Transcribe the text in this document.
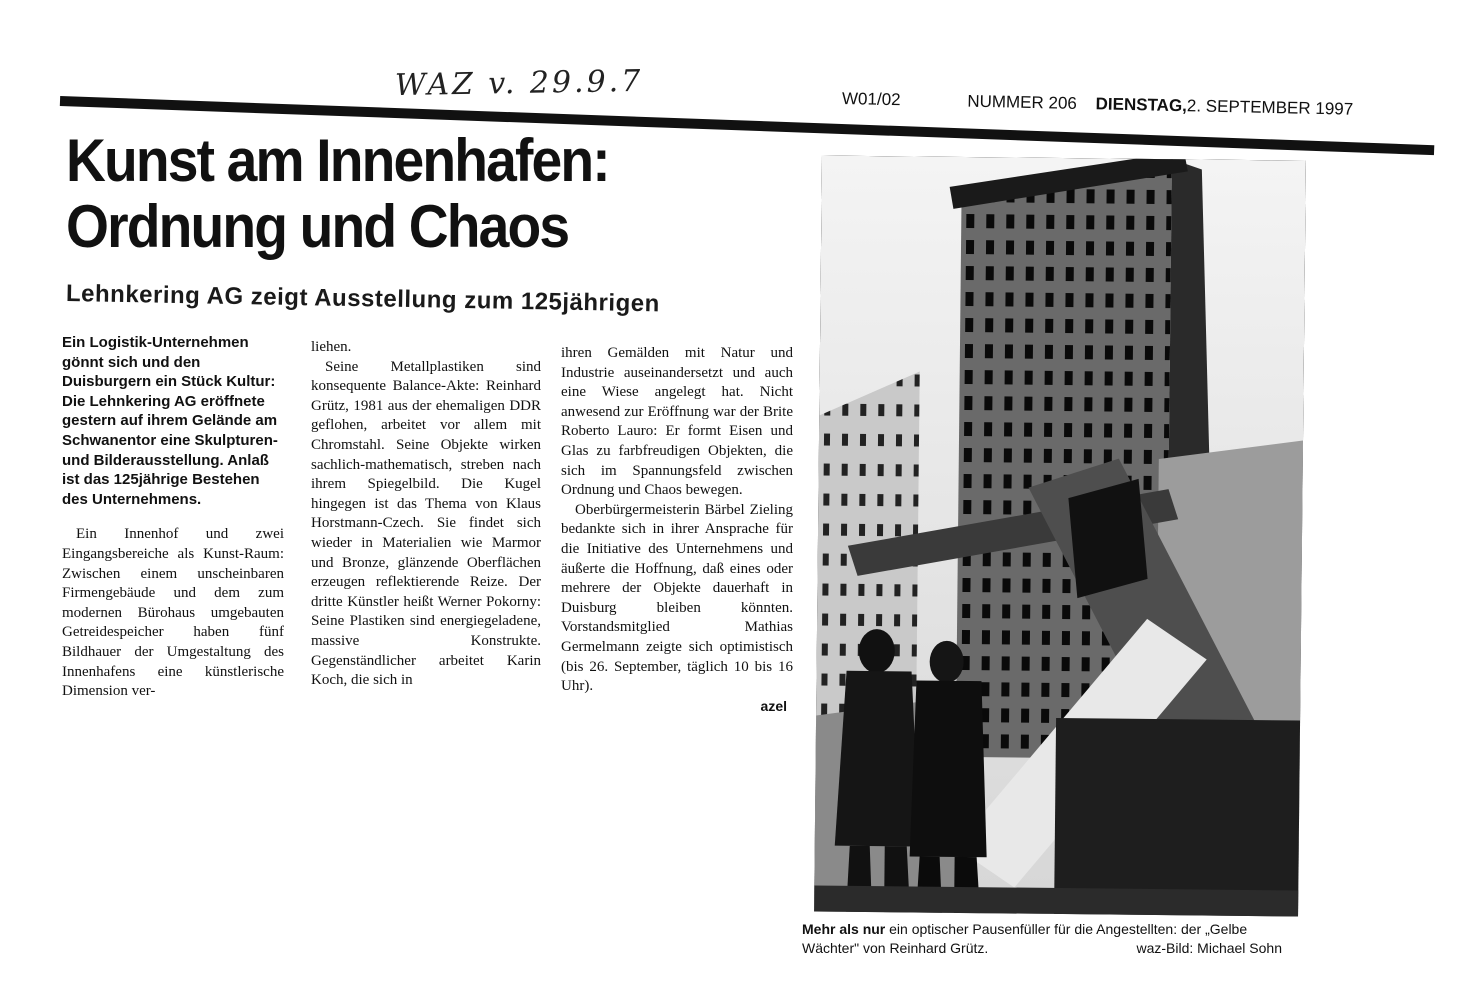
WAZ v. 29.9.7	W01/02	NUMMER 206 DIENSTAG,2. SEPTEMBER 1997
Kunst am Innenhafen:
Ordnung und Chaos
Lehnkering AG zeigt Ausstellung zum 125jährigen

Ein Logistik-Unternehmen gönnt sich und den Duisburgern ein Stück Kultur: Die Lehnkering AG eröffnete gestern auf ihrem Gelände am Schwanentor eine Skulpturen- und Bilderausstellung. Anlaß ist das 125jährige Bestehen des Unternehmens.

Ein Innenhof und zwei Eingangsbereiche als Kunst-Raum: Zwischen einem unscheinbaren Firmengebäude und dem zum modernen Bürohaus umgebauten Getreidespeicher haben fünf Bildhauer der Umgestaltung des Innenhafens eine künstlerische Dimension ver-

liehen.

Seine Metallplastiken sind konsequente Balance-Akte: Reinhard Grütz, 1981 aus der ehemaligen DDR geflohen, arbeitet vor allem mit Chromstahl. Seine Objekte wirken sachlich-mathematisch, streben nach ihrem Spiegelbild. Die Kugel hingegen ist das Thema von Klaus Horstmann-Czech. Sie findet sich wieder in Materialien wie Marmor und Bronze, glänzende Oberflächen erzeugen reflektierende Reize. Der dritte Künstler heißt Werner Pokorny: Seine Plastiken sind energiegeladene, massive Konstrukte. Gegenständlicher arbeitet Karin Koch, die sich in

ihren Gemälden mit Natur und Industrie auseinandersetzt und auch eine Wiese angelegt hat. Nicht anwesend zur Eröffnung war der Brite Roberto Lauro: Er formt Eisen und Glas zu farbfreudigen Objekten, die sich im Spannungsfeld zwischen Ordnung und Chaos bewegen.

Oberbürgermeisterin Bärbel Zieling bedankte sich in ihrer Ansprache für die Initiative des Unternehmens und äußerte die Hoffnung, daß eines oder mehrere der Objekte dauerhaft in Duisburg bleiben könnten. Vorstandsmitglied Mathias Germelmann zeigte sich optimistisch (bis 26. September, täglich 10 bis 16 Uhr).

azel

Mehr als nur ein optischer Pausenfüller für die Angestellten: der „Gelbe Wächter" von Reinhard Grütz.	waz-Bild: Michael Sohn
